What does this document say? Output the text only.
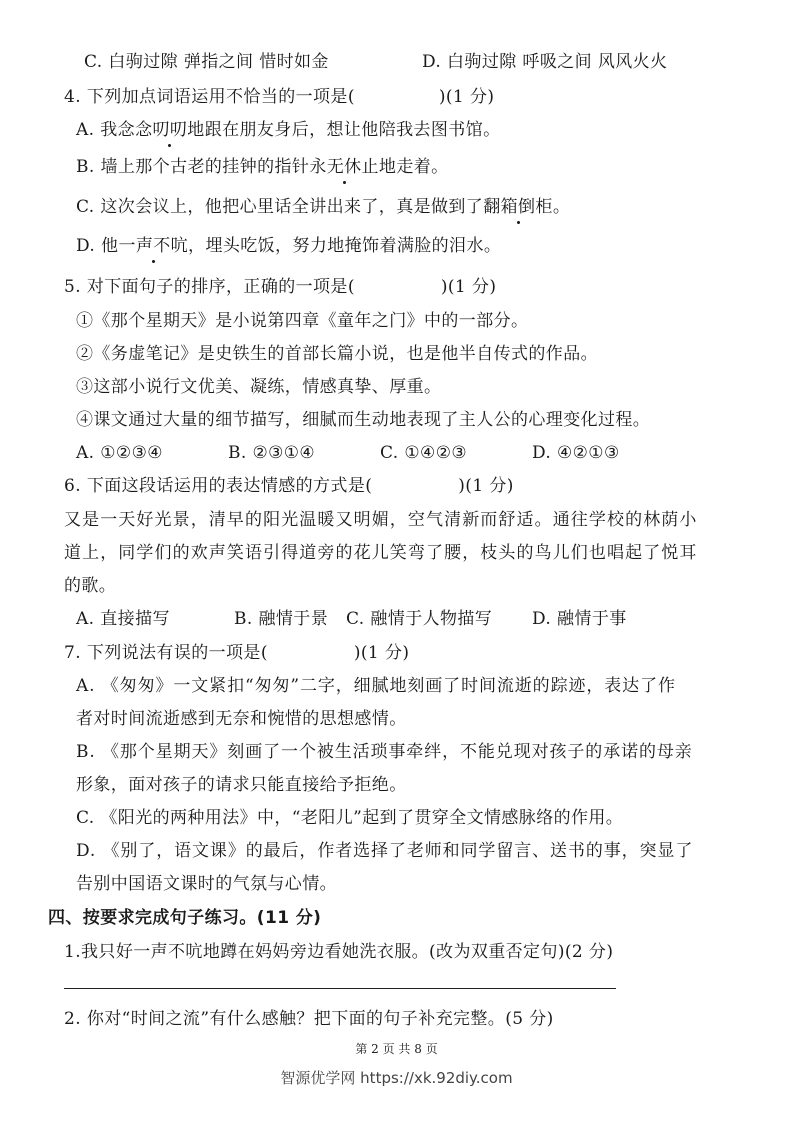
C. 白驹过隙 弹指之间 惜时如金	D. 白驹过隙 呼吸之间 风风火火
4. 下列加点词语运用不恰当的一项是(	)(1 分)
A. 我念念叨叨地跟在朋友身后，想让他陪我去图书馆。
B. 墙上那个古老的挂钟的指针永无休止地走着。
C. 这次会议上，他把心里话全讲出来了，真是做到了翻箱倒柜。
D. 他一声不吭，埋头吃饭，努力地掩饰着满脸的泪水。
5. 对下面句子的排序，正确的一项是(	)(1 分)
①《那个星期天》是小说第四章《童年之门》中的一部分。
②《务虚笔记》是史铁生的首部长篇小说，也是他半自传式的作品。
③这部小说行文优美、凝练，情感真挚、厚重。
④课文通过大量的细节描写，细腻而生动地表现了主人公的心理变化过程。
A. ①②③④	B. ②③①④	C. ①④②③	D. ④②①③
6. 下面这段话运用的表达情感的方式是(	)(1 分)
又是一天好光景，清早的阳光温暖又明媚，空气清新而舒适。通往学校的林荫小
道上，同学们的欢声笑语引得道旁的花儿笑弯了腰，枝头的鸟儿们也唱起了悦耳
的歌。
A. 直接描写	B. 融情于景 C. 融情于人物描写 D. 融情于事
7. 下列说法有误的一项是(	)(1 分)
A. 《匆匆》一文紧扣“匆匆”二字，细腻地刻画了时间流逝的踪迹，表达了作
者对时间流逝感到无奈和惋惜的思想感情。
B. 《那个星期天》刻画了一个被生活琐事牵绊，不能兑现对孩子的承诺的母亲
形象，面对孩子的请求只能直接给予拒绝。
C. 《阳光的两种用法》中，“老阳儿”起到了贯穿全文情感脉络的作用。
D. 《别了，语文课》的最后，作者选择了老师和同学留言、送书的事，突显了
告别中国语文课时的气氛与心情。
四、按要求完成句子练习。(11 分)
1.我只好一声不吭地蹲在妈妈旁边看她洗衣服。(改为双重否定句)(2 分)
2. 你对“时间之流”有什么感触？把下面的句子补充完整。(5 分)
第 2 页 共 8 页
智源优学网 https://xk.92diy.com
